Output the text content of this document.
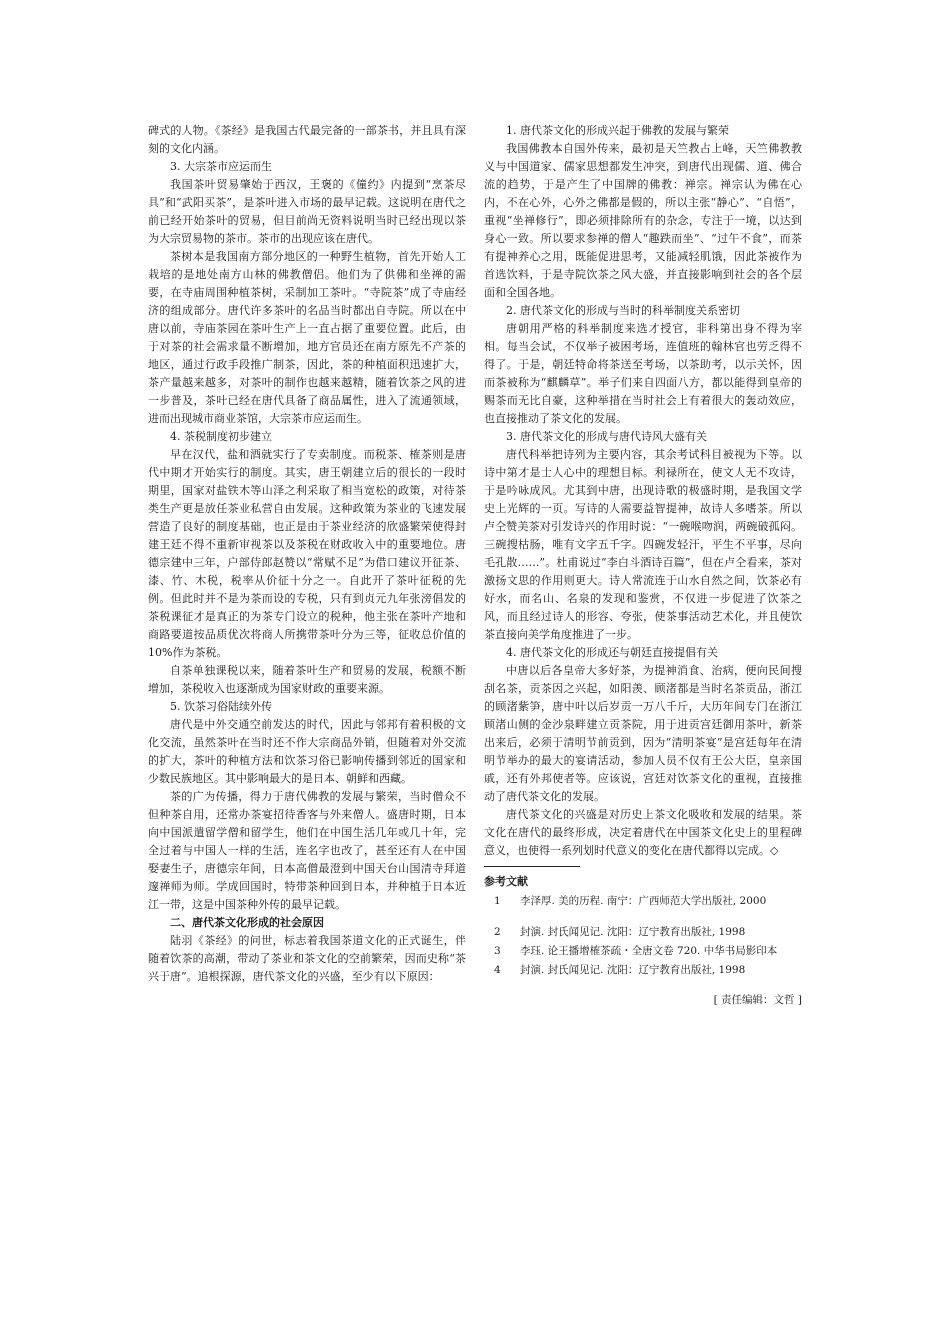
碑式的人物。《茶经》是我国古代最完备的一部茶书，并且具有深刻的文化内涵。

3. 大宗茶市应运而生

我国茶叶贸易肇始于西汉，王褒的《僮约》内提到“烹茶尽具”和“武阳买茶”，是茶叶进入市场的最早记载。这说明在唐代之前已经开始茶叶的贸易，但目前尚无资料说明当时已经出现以茶为大宗贸易物的茶市。茶市的出现应该在唐代。

茶树本是我国南方部分地区的一种野生植物，首先开始人工栽培的是地处南方山林的佛教僧侣。他们为了供佛和坐禅的需要，在寺庙周围种植茶树，采制加工茶叶。“寺院茶”成了寺庙经济的组成部分。唐代许多茶叶的名品当时都出自寺院。所以在中唐以前，寺庙茶园在茶叶生产上一直占据了重要位置。此后，由于对茶的社会需求量不断增加，地方官员还在南方原先不产茶的地区，通过行政手段推广制茶，因此，茶的种植面积迅速扩大，茶产量越来越多，对茶叶的制作也越来越精，随着饮茶之风的进一步普及，茶叶已经在唐代具备了商品属性，进入了流通领域，进而出现城市商业茶馆，大宗茶市应运而生。

4. 茶税制度初步建立

早在汉代，盐和酒就实行了专卖制度。而税茶、榷茶则是唐代中期才开始实行的制度。其实，唐王朝建立后的很长的一段时期里，国家对盐铁木等山泽之利采取了相当宽松的政策，对待茶类生产更是放任茶业私营自由发展。这种政策为茶业的飞速发展营造了良好的制度基础，也正是由于茶业经济的欣盛繁荣使得封建王廷不得不重新审视茶以及茶税在财政收入中的重要地位。唐德宗建中三年，户部侍郎赵赞以“常赋不足”为借口建议开征茶、漆、竹、木税，税率从价征十分之一。自此开了茶叶征税的先例。但此时并不是为茶而设的专税，只有到贞元九年张滂倡发的茶税课征才是真正的为茶专门设立的税种，他主张在茶叶产地和商路要道按品质优次将商人所携带茶叶分为三等，征收总价值的10%作为茶税。

自茶单独课税以来，随着茶叶生产和贸易的发展，税额不断增加，茶税收入也逐渐成为国家财政的重要来源。

5. 饮茶习俗陆续外传

唐代是中外交通空前发达的时代，因此与邻邦有着积极的文化交流，虽然茶叶在当时还不作大宗商品外销，但随着对外交流的扩大，茶叶的种植方法和饮茶习俗已影响传播到邻近的国家和少数民族地区。其中影响最大的是日本、朝鲜和西藏。

茶的广为传播，得力于唐代佛教的发展与繁荣，当时僧众不但种茶自用，还常办茶宴招待香客与外来僧人。盛唐时期，日本向中国派遣留学僧和留学生，他们在中国生活几年或几十年，完全过着与中国人一样的生活，连名字也改了，甚至还有人在中国娶妻生子，唐德宗年间，日本高僧最澄到中国天台山国清寺拜道邃禅师为师。学成回国时，特带茶种回到日本，并种植于日本近江一带，这是中国茶种外传的最早记载。

二、唐代茶文化形成的社会原因

陆羽《茶经》的问世，标志着我国茶道文化的正式诞生，伴随着饮茶的高潮，带动了茶业和茶文化的空前繁荣，因而史称“茶兴于唐”。追根探源，唐代茶文化的兴盛，至少有以下原因：

1. 唐代茶文化的形成兴起于佛教的发展与繁荣

我国佛教本自国外传来，最初是天竺教占上峰，天竺佛教教义与中国道家、儒家思想都发生冲突，到唐代出现儒、道、佛合流的趋势，于是产生了中国牌的佛教：禅宗。禅宗认为佛在心内，不在心外，心外之佛都是假的，所以主张“静心”、“自悟”，重视“坐禅修行”，即必须排除所有的杂念，专注于一境，以达到身心一致。所以要求参禅的僧人“趣跌而坐”、“过午不食”，而茶有提神养心之用，既能促进思考，又能减轻肌饿，因此茶被作为首选饮料，于是寺院饮茶之风大盛，并直接影响到社会的各个层面和全国各地。

2. 唐代茶文化的形成与当时的科举制度关系密切

唐朝用严格的科举制度来选才授官，非科第出身不得为宰相。每当会试，不仅举子被困考场，连值班的翰林官也劳乏得不得了。于是，朝廷特命将茶送至考场，以茶助考，以示关怀，因而茶被称为“麒麟草”。举子们来自四面八方，都以能得到皇帝的赐茶而无比自豪，这种举措在当时社会上有着很大的轰动效应，也直接推动了茶文化的发展。

3. 唐代茶文化的形成与唐代诗风大盛有关

唐代科举把诗列为主要内容，其余考试科目被视为下等。以诗中第才是士人心中的理想目标。利禄所在，使文人无不攻诗，于是吟咏成风。尤其到中唐，出现诗歌的极盛时期，是我国文学史上光辉的一页。写诗的人需要益智提神，故诗人多嗜茶。所以卢仝赞美茶对引发诗兴的作用时说：“一碗喉吻润，两碗破孤闷。三碗搜枯肠，唯有文字五千字。四碗发轻汗，平生不平事，尽向毛孔散……”。杜甫说过“李白斗酒诗百篇”，但在卢仝看来，茶对激扬文思的作用则更大。诗人常流连于山水自然之间，饮茶必有好水，而名山、名泉的发现和鉴赏，不仅进一步促进了饮茶之风，而且经过诗人的形容、夸张，使茶事活动艺术化，并且使饮茶直接向美学角度推进了一步。

4. 唐代茶文化的形成还与朝廷直接提倡有关

中唐以后各皇帝大多好茶，为提神消食、治病，便向民间搜刮名茶，贡茶因之兴起，如阳羡、顾渚都是当时名茶贡品，浙江的顾渚紫笋，唐中叶以后岁贡一万八千斤，大历年间专门在浙江顾渚山侧的金沙泉畔建立贡茶院，用于进贡宫廷御用茶叶，新茶出来后，必须于清明节前贡到，因为“清明茶宴”是宫廷每年在清明节举办的最大的宴请活动，参加人员不仅有王公大臣，皇亲国戚，还有外邦使者等。应该说，宫廷对饮茶文化的重视，直接推动了唐代茶文化的发展。

唐代茶文化的兴盛是对历史上茶文化吸收和发展的结果。茶文化在唐代的最终形成，决定着唐代在中国茶文化史上的里程碑意义，也使得一系列划时代意义的变化在唐代都得以完成。◇

参考文献
1	李泽厚. 美的历程. 南宁：广西师范大学出版社, 2000
2	封演. 封氏闻见记. 沈阳：辽宁教育出版社, 1998
3	李珏. 论王播增榷茶疏・全唐文卷 720. 中华书局影印本
4	封演. 封氏闻见记. 沈阳：辽宁教育出版社, 1998
[ 责任编辑：文哲 ]
